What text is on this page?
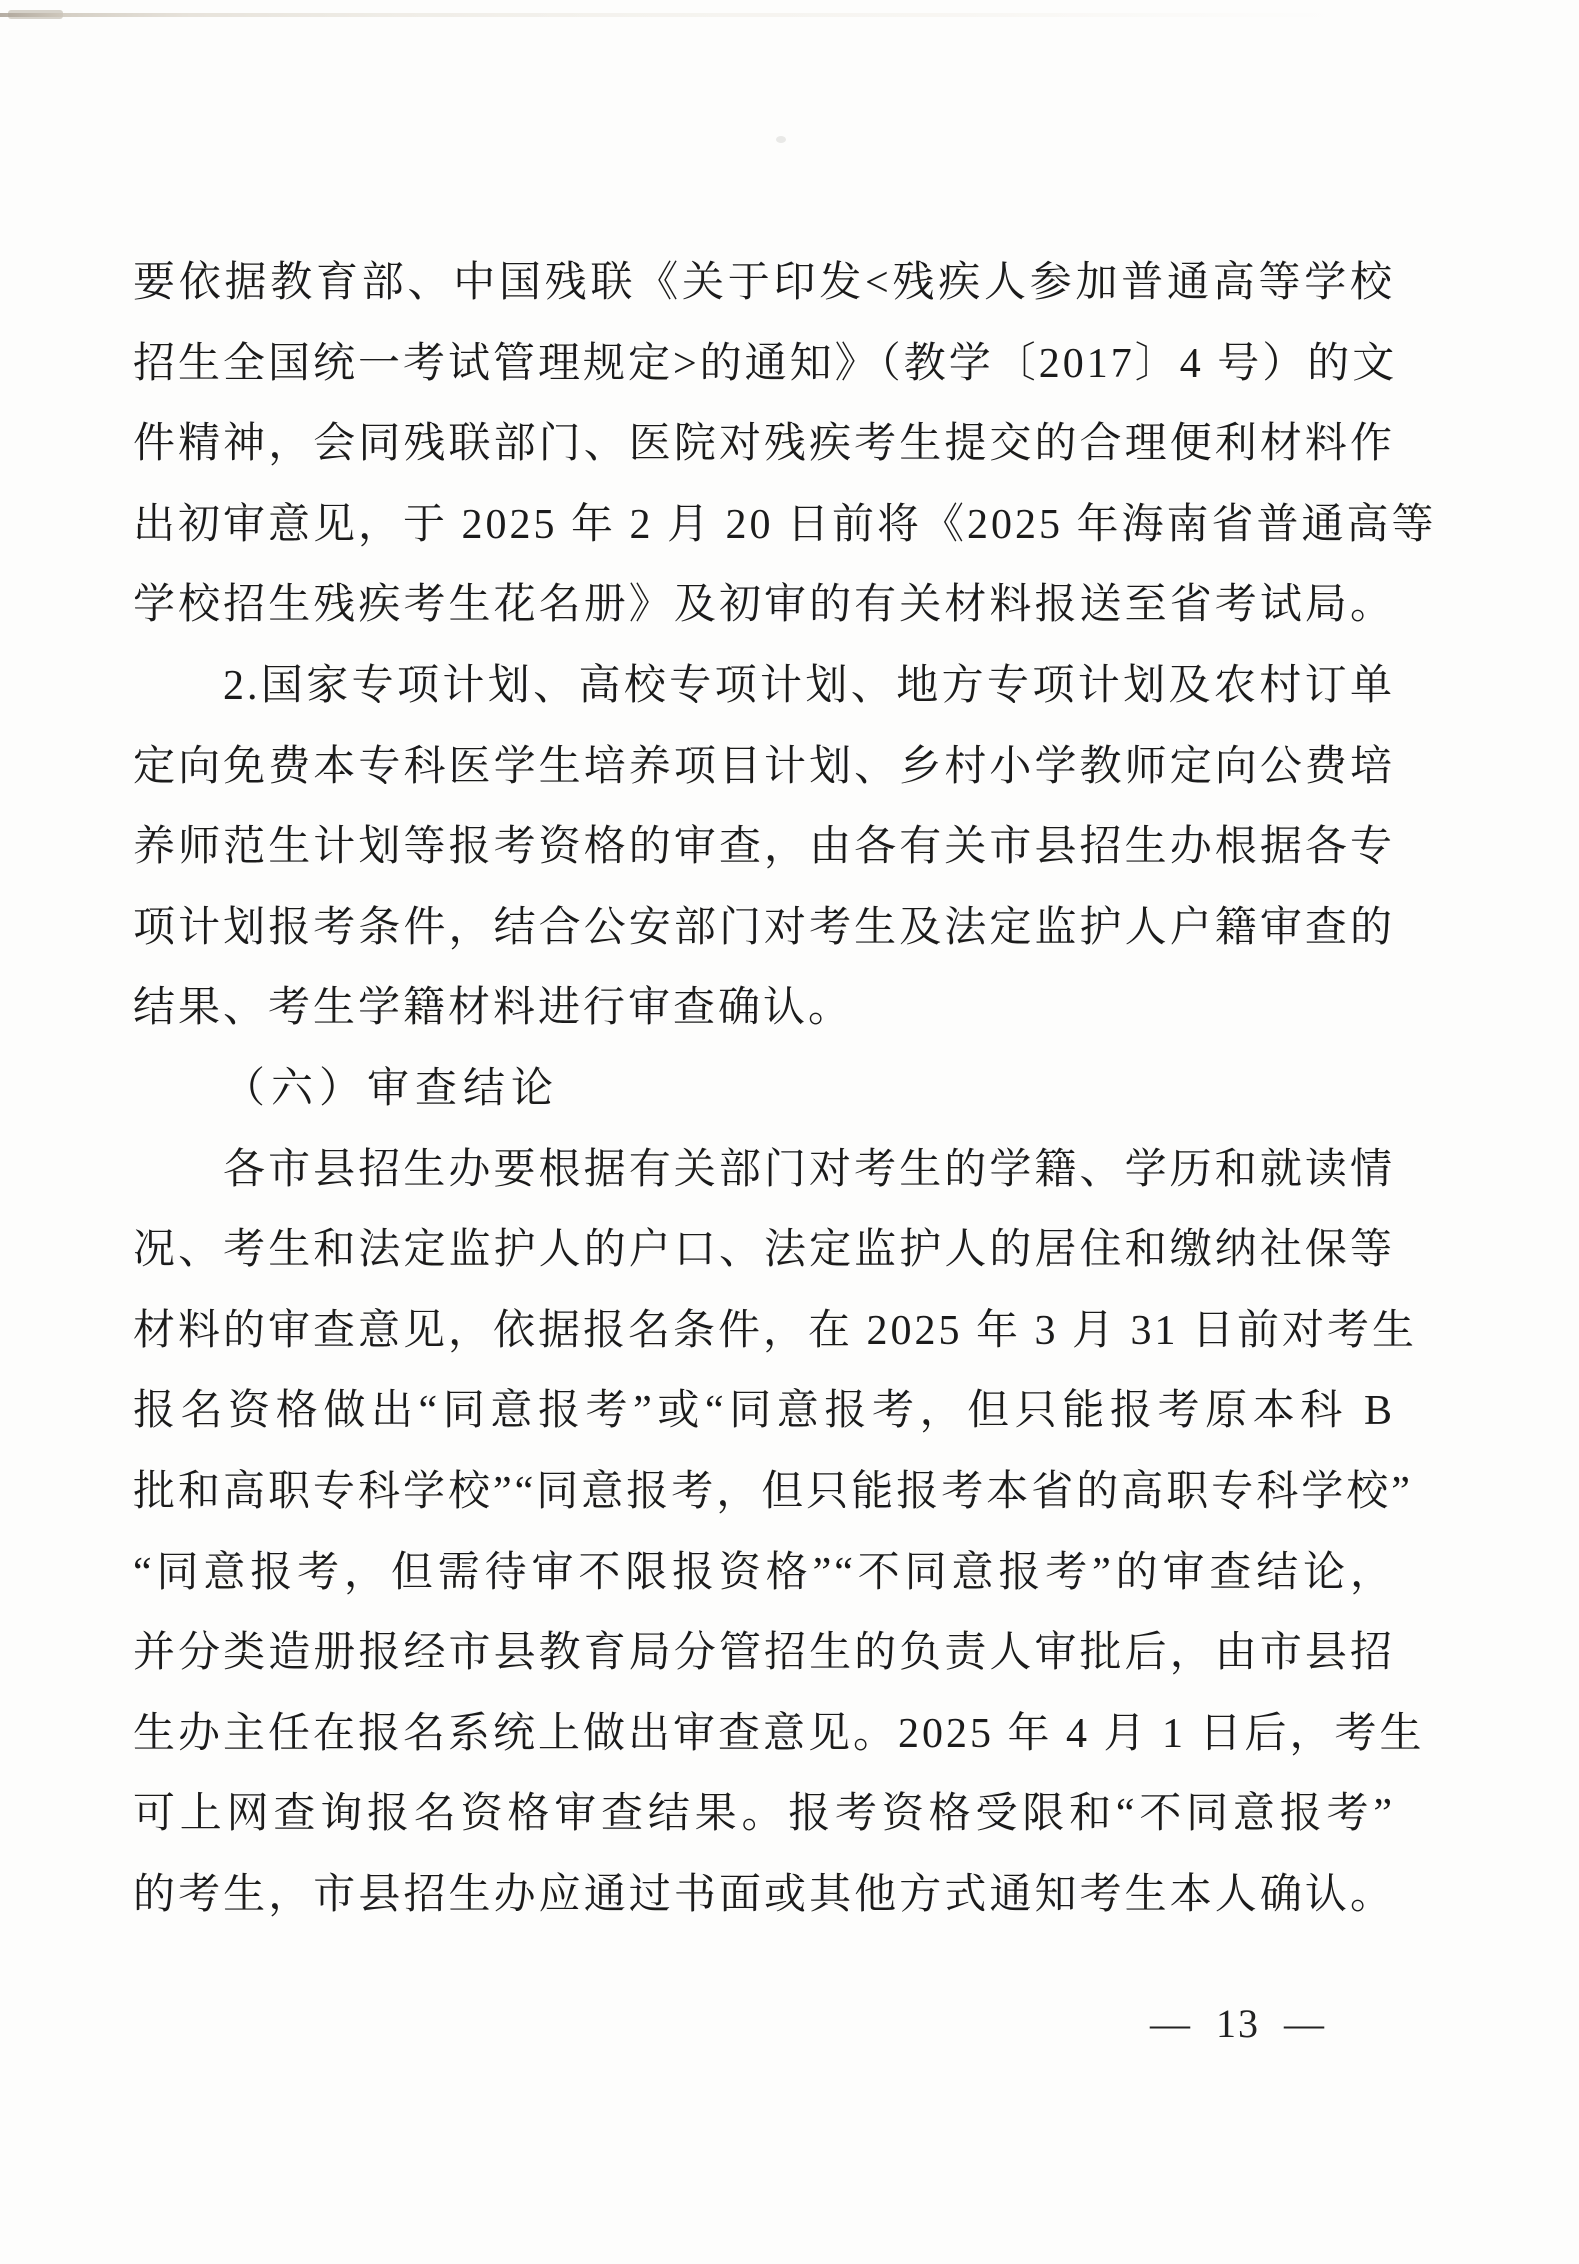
要依据教育部、中国残联《关于印发<残疾人参加普通高等学校
招生全国统一考试管理规定>的通知》（教学〔2017〕4 号）的文
件精神，会同残联部门、医院对残疾考生提交的合理便利材料作
出初审意见，于 2025 年 2 月 20 日前将《2025 年海南省普通高等
学校招生残疾考生花名册》及初审的有关材料报送至省考试局。
2.国家专项计划、高校专项计划、地方专项计划及农村订单
定向免费本专科医学生培养项目计划、乡村小学教师定向公费培
养师范生计划等报考资格的审查，由各有关市县招生办根据各专
项计划报考条件，结合公安部门对考生及法定监护人户籍审查的
结果、考生学籍材料进行审查确认。
（六）审查结论
各市县招生办要根据有关部门对考生的学籍、学历和就读情
况、考生和法定监护人的户口、法定监护人的居住和缴纳社保等
材料的审查意见，依据报名条件，在 2025 年 3 月 31 日前对考生
报名资格做出“同意报考”或“同意报考，但只能报考原本科 B
批和高职专科学校”“同意报考，但只能报考本省的高职专科学校”
“同意报考，但需待审不限报资格”“不同意报考”的审查结论，
并分类造册报经市县教育局分管招生的负责人审批后，由市县招
生办主任在报名系统上做出审查意见。2025 年 4 月 1 日后，考生
可上网查询报名资格审查结果。报考资格受限和“不同意报考”
的考生，市县招生办应通过书面或其他方式通知考生本人确认。
— 13 —
